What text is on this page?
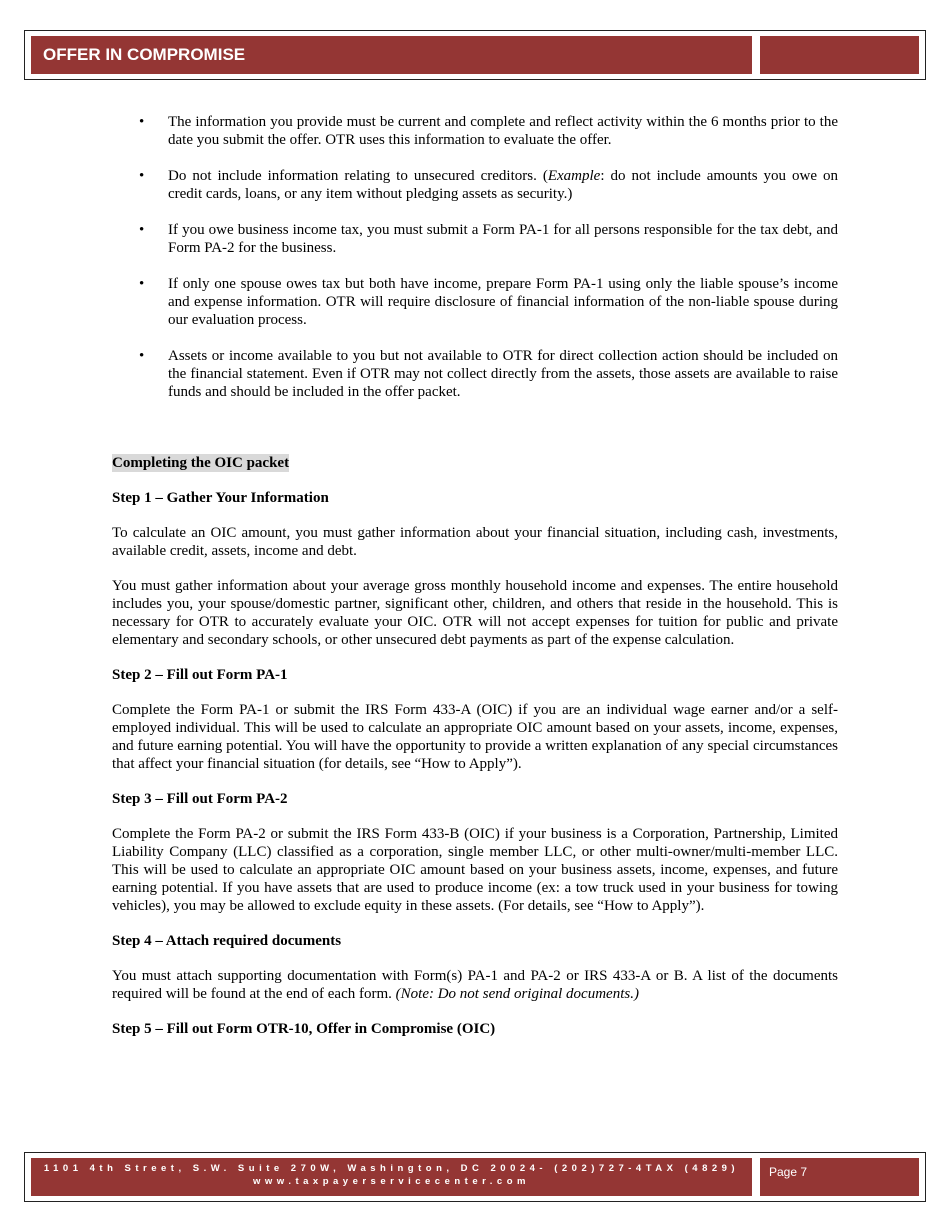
OFFER IN COMPROMISE
• The information you provide must be current and complete and reflect activity within the 6 months prior to the date you submit the offer. OTR uses this information to evaluate the offer.
• Do not include information relating to unsecured creditors. (Example: do not include amounts you owe on credit cards, loans, or any item without pledging assets as security.)
• If you owe business income tax, you must submit a Form PA-1 for all persons responsible for the tax debt, and Form PA-2 for the business.
• If only one spouse owes tax but both have income, prepare Form PA-1 using only the liable spouse’s income and expense information. OTR will require disclosure of financial information of the non-liable spouse during our evaluation process.
• Assets or income available to you but not available to OTR for direct collection action should be included on the financial statement. Even if OTR may not collect directly from the assets, those assets are available to raise funds and should be included in the offer packet.
Completing the OIC packet
Step 1 – Gather Your Information
To calculate an OIC amount, you must gather information about your financial situation, including cash, investments, available credit, assets, income and debt.
You must gather information about your average gross monthly household income and expenses. The entire household includes you, your spouse/domestic partner, significant other, children, and others that reside in the household. This is necessary for OTR to accurately evaluate your OIC. OTR will not accept expenses for tuition for public and private elementary and secondary schools, or other unsecured debt payments as part of the expense calculation.
Step 2 – Fill out Form PA-1
Complete the Form PA-1 or submit the IRS Form 433-A (OIC) if you are an individual wage earner and/or a self-employed individual. This will be used to calculate an appropriate OIC amount based on your assets, income, expenses, and future earning potential. You will have the opportunity to provide a written explanation of any special circumstances that affect your financial situation (for details, see “How to Apply”).
Step 3 – Fill out Form PA-2
Complete the Form PA-2 or submit the IRS Form 433-B (OIC) if your business is a Corporation, Partnership, Limited Liability Company (LLC) classified as a corporation, single member LLC, or other multi-owner/multi-member LLC. This will be used to calculate an appropriate OIC amount based on your business assets, income, expenses, and future earning potential. If you have assets that are used to produce income (ex: a tow truck used in your business for towing vehicles), you may be allowed to exclude equity in these assets. (For details, see “How to Apply”).
Step 4 – Attach required documents
You must attach supporting documentation with Form(s) PA-1 and PA-2 or IRS 433-A or B. A list of the documents required will be found at the end of each form. (Note: Do not send original documents.)
Step 5 – Fill out Form OTR-10, Offer in Compromise (OIC)
1101 4th Street, S.W. Suite 270W, Washington, DC 20024- (202)727-4TAX (4829)
www.taxpayerservicecenter.com
Page 7
